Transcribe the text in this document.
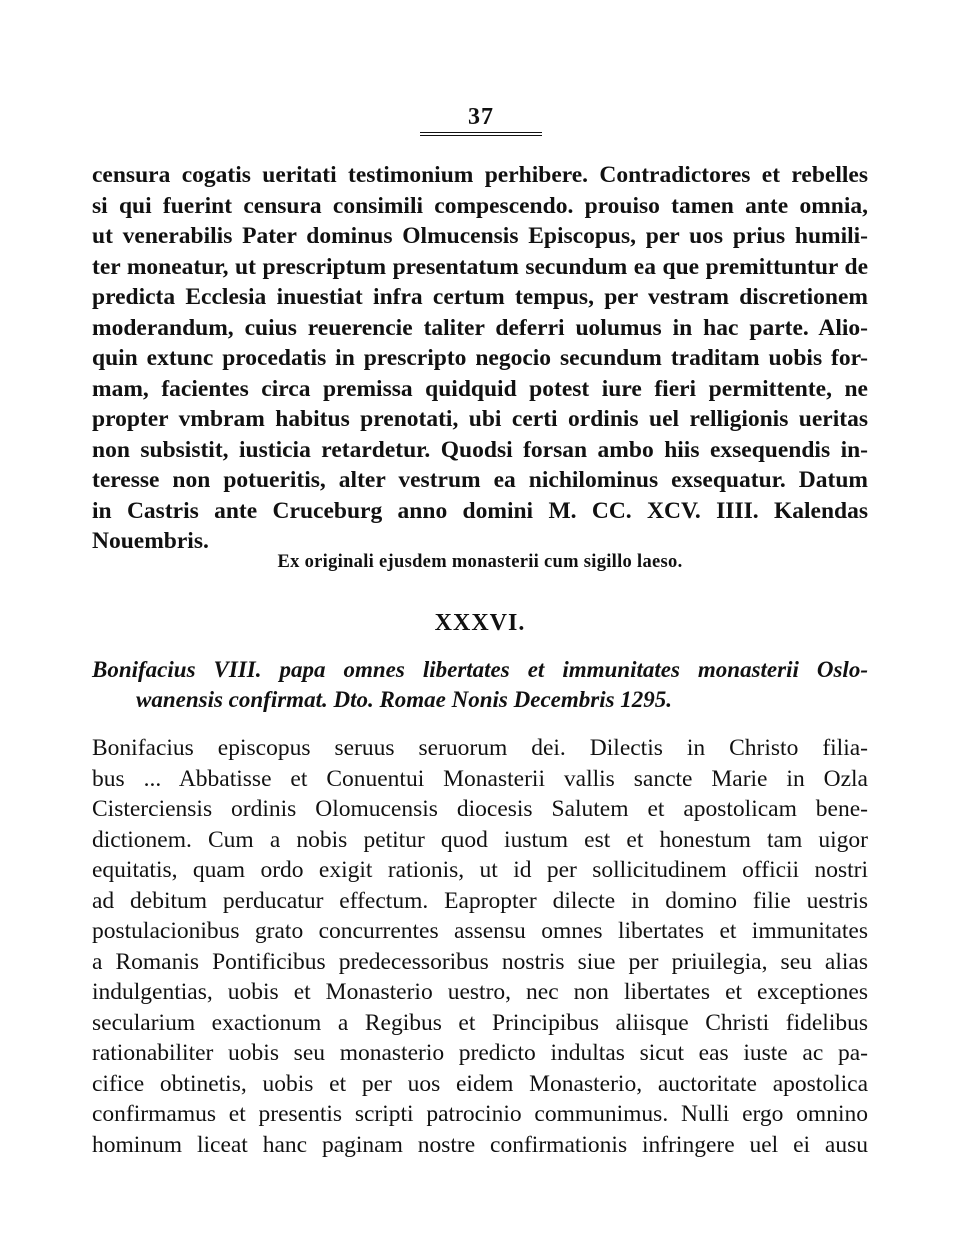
37
censura cogatis ueritati testimonium perhibere. Contradictores et rebelles
si qui fuerint censura consimili compescendo. prouiso tamen ante omnia,
ut venerabilis Pater dominus Olmucensis Episcopus, per uos prius humili-
ter moneatur, ut prescriptum presentatum secundum ea que premittuntur de
predicta Ecclesia inuestiat infra certum tempus, per vestram discretionem
moderandum, cuius reuerencie taliter deferri uolumus in hac parte. Alio-
quin extunc procedatis in prescripto negocio secundum traditam uobis for-
mam, facientes circa premissa quidquid potest iure fieri permittente, ne
propter vmbram habitus prenotati, ubi certi ordinis uel relligionis ueritas
non subsistit, iusticia retardetur. Quodsi forsan ambo hiis exsequendis in-
teresse non potueritis, alter vestrum ea nichilominus exsequatur. Datum
in Castris ante Cruceburg anno domini M. CC. XCV. IIII. Kalendas
Nouembris.
Ex originali ejusdem monasterii cum sigillo laeso.
XXXVI.
Bonifacius VIII. papa omnes libertates et immunitates monasterii Oslo-
wanensis confirmat. Dto. Romae Nonis Decembris 1295.
Bonifacius episcopus seruus seruorum dei. Dilectis in Christo filia-
bus ... Abbatisse et Conuentui Monasterii vallis sancte Marie in Ozla
Cisterciensis ordinis Olomucensis diocesis Salutem et apostolicam bene-
dictionem. Cum a nobis petitur quod iustum est et honestum tam uigor
equitatis, quam ordo exigit rationis, ut id per sollicitudinem officii nostri
ad debitum perducatur effectum. Eapropter dilecte in domino filie uestris
postulacionibus grato concurrentes assensu omnes libertates et immunitates
a Romanis Pontificibus predecessoribus nostris siue per priuilegia, seu alias
indulgentias, uobis et Monasterio uestro, nec non libertates et exceptiones
secularium exactionum a Regibus et Principibus aliisque Christi fidelibus
rationabiliter uobis seu monasterio predicto indultas sicut eas iuste ac pa-
cifice obtinetis, uobis et per uos eidem Monasterio, auctoritate apostolica
confirmamus et presentis scripti patrocinio communimus. Nulli ergo omnino
hominum liceat hanc paginam nostre confirmationis infringere uel ei ausu
